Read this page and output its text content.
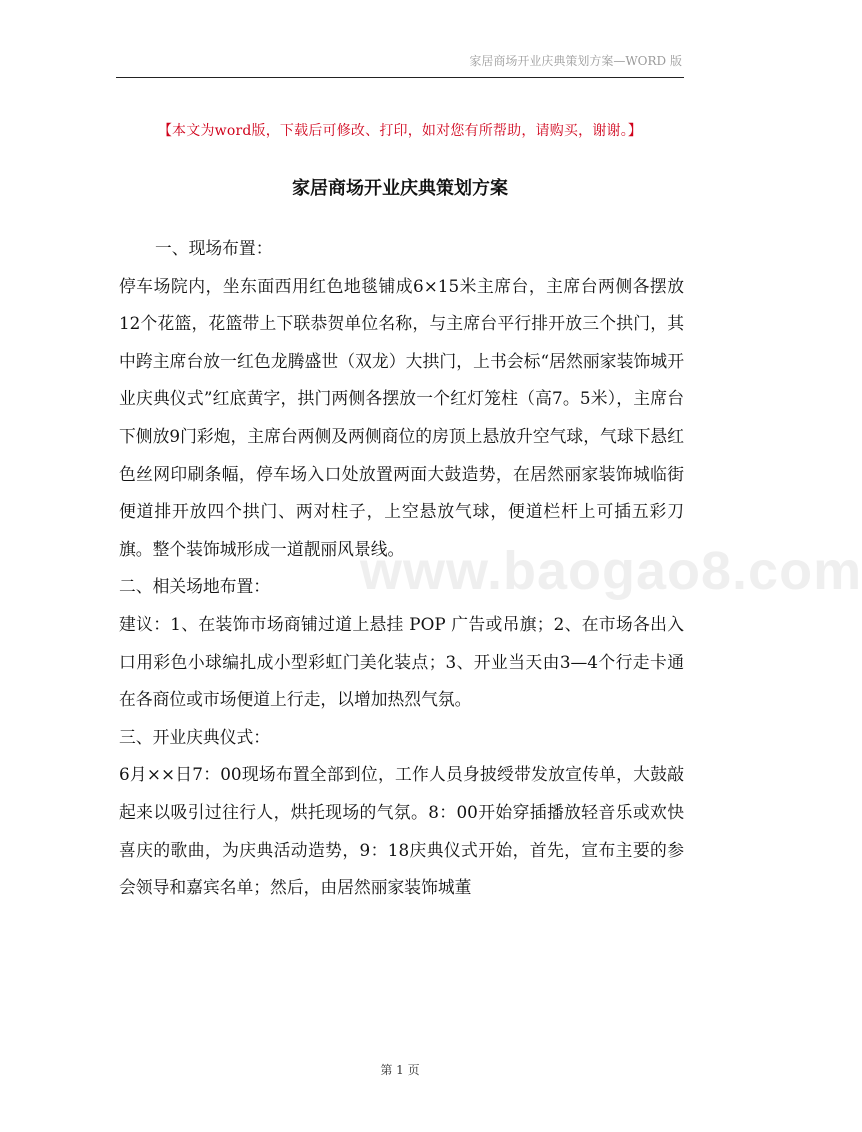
家居商场开业庆典策划方案—WORD 版
【本文为word版，下载后可修改、打印，如对您有所帮助，请购买，谢谢。】
家居商场开业庆典策划方案

一、现场布置：

停车场院内，坐东面西用红色地毯铺成6×15米主席台，主席台两侧各摆放12个花篮，花篮带上下联恭贺单位名称，与主席台平行排开放三个拱门，其中跨主席台放一红色龙腾盛世（双龙）大拱门，上书会标“居然丽家装饰城开业庆典仪式”红底黄字，拱门两侧各摆放一个红灯笼柱（高7。5米），主席台下侧放9门彩炮，主席台两侧及两侧商位的房顶上悬放升空气球，气球下悬红色丝网印刷条幅，停车场入口处放置两面大鼓造势，在居然丽家装饰城临街便道排开放四个拱门、两对柱子，上空悬放气球，便道栏杆上可插五彩刀旗。整个装饰城形成一道靓丽风景线。

二、相关场地布置：

建议：1、在装饰市场商铺过道上悬挂 POP 广告或吊旗；2、在市场各出入口用彩色小球编扎成小型彩虹门美化装点；3、开业当天由3—4个行走卡通在各商位或市场便道上行走，以增加热烈气氛。

三、开业庆典仪式：

6月××日7：00现场布置全部到位，工作人员身披绶带发放宣传单，大鼓敲起来以吸引过往行人，烘托现场的气氛。8：00开始穿插播放轻音乐或欢快喜庆的歌曲，为庆典活动造势，9：18庆典仪式开始，首先，宣布主要的参会领导和嘉宾名单；然后，由居然丽家装饰城董

www.baogao8.com
第 1 页
